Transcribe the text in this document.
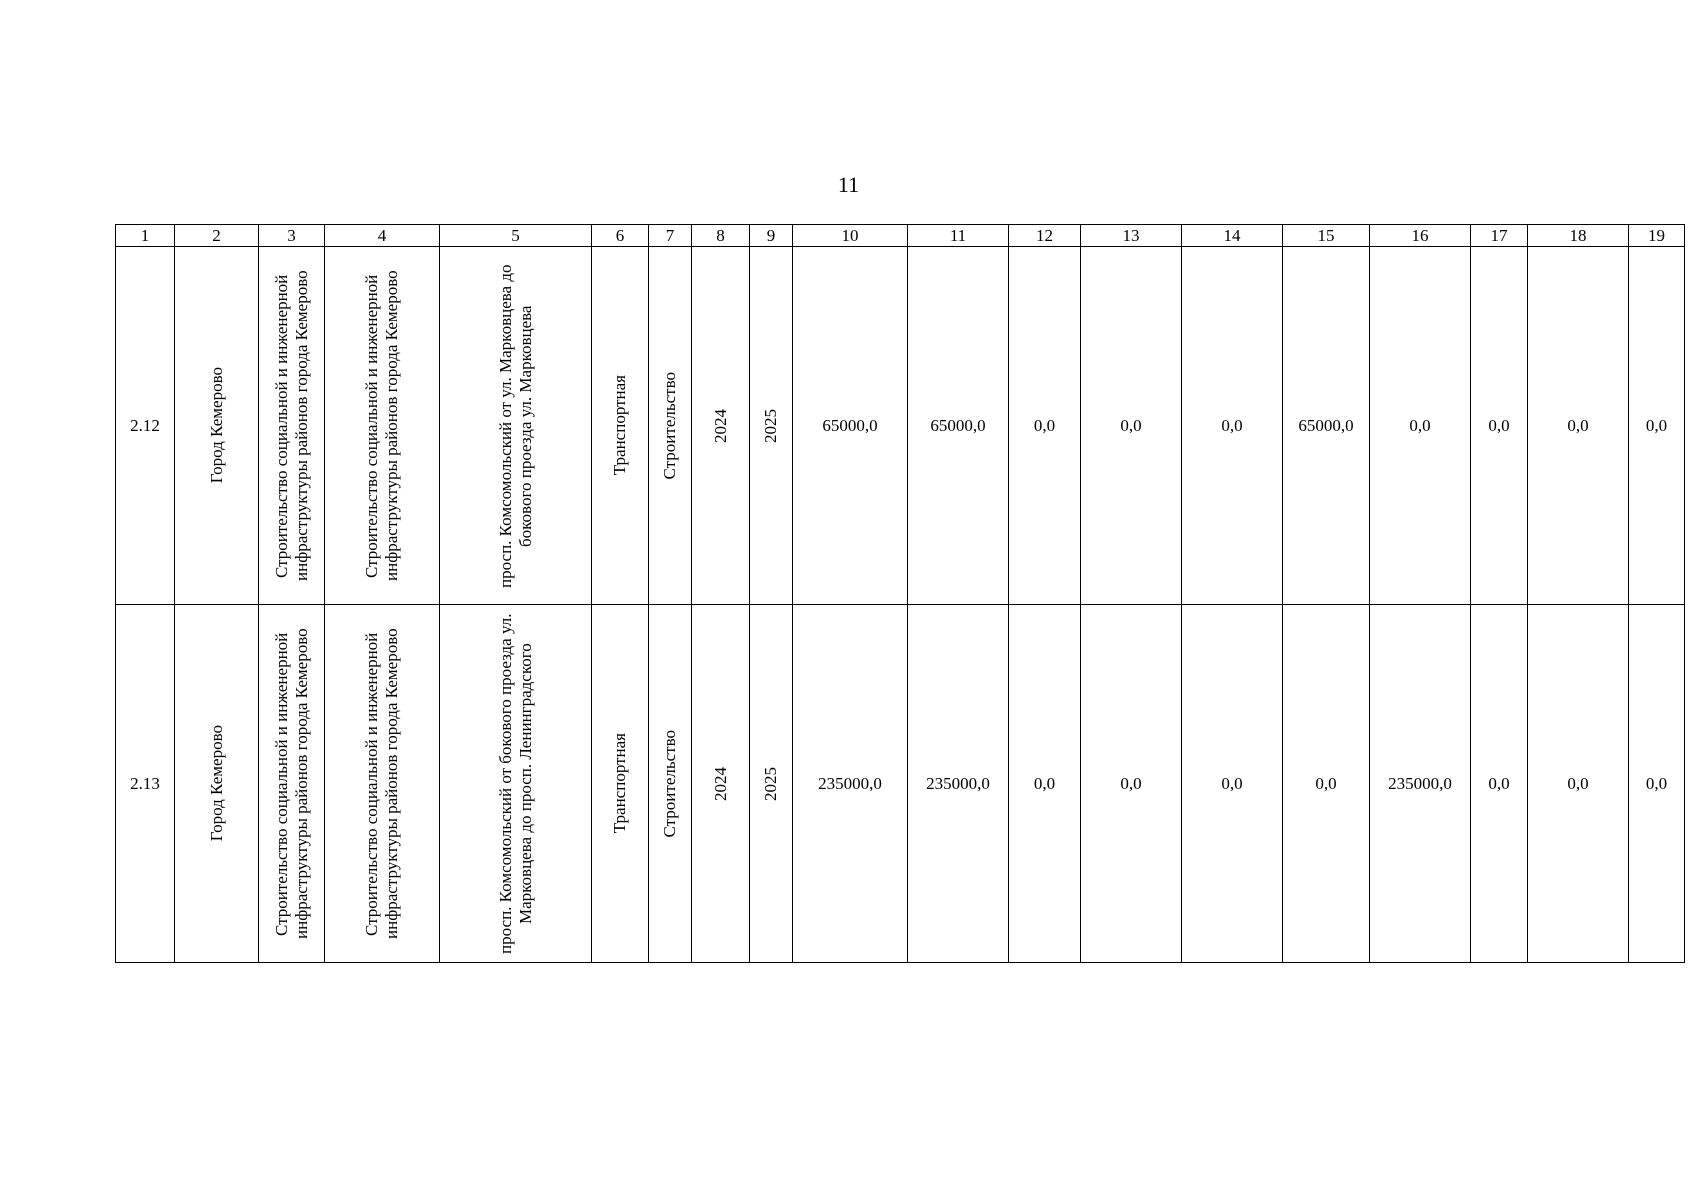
11
1	2	3	4	5	6	7	8	9	10	11	12	13	14	15	16	17	18	19
2.12	Город Кемерово	Строительство социальной и инженерной инфраструктуры районов города Кемерово	Строительство социальной и инженерной инфраструктуры районов города Кемерово	просп. Комсомольский от ул. Марковцева до бокового проезда ул. Марковцева	Транспортная	Строительство	2024	2025	65000,0	65000,0	0,0	0,0	0,0	65000,0	0,0	0,0	0,0	0,0
2.13	Город Кемерово	Строительство социальной и инженерной инфраструктуры районов города Кемерово	Строительство социальной и инженерной инфраструктуры районов города Кемерово	просп. Комсомольский от бокового проезда ул. Марковцева до просп. Ленинградского	Транспортная	Строительство	2024	2025	235000,0	235000,0	0,0	0,0	0,0	0,0	235000,0	0,0	0,0	0,0
